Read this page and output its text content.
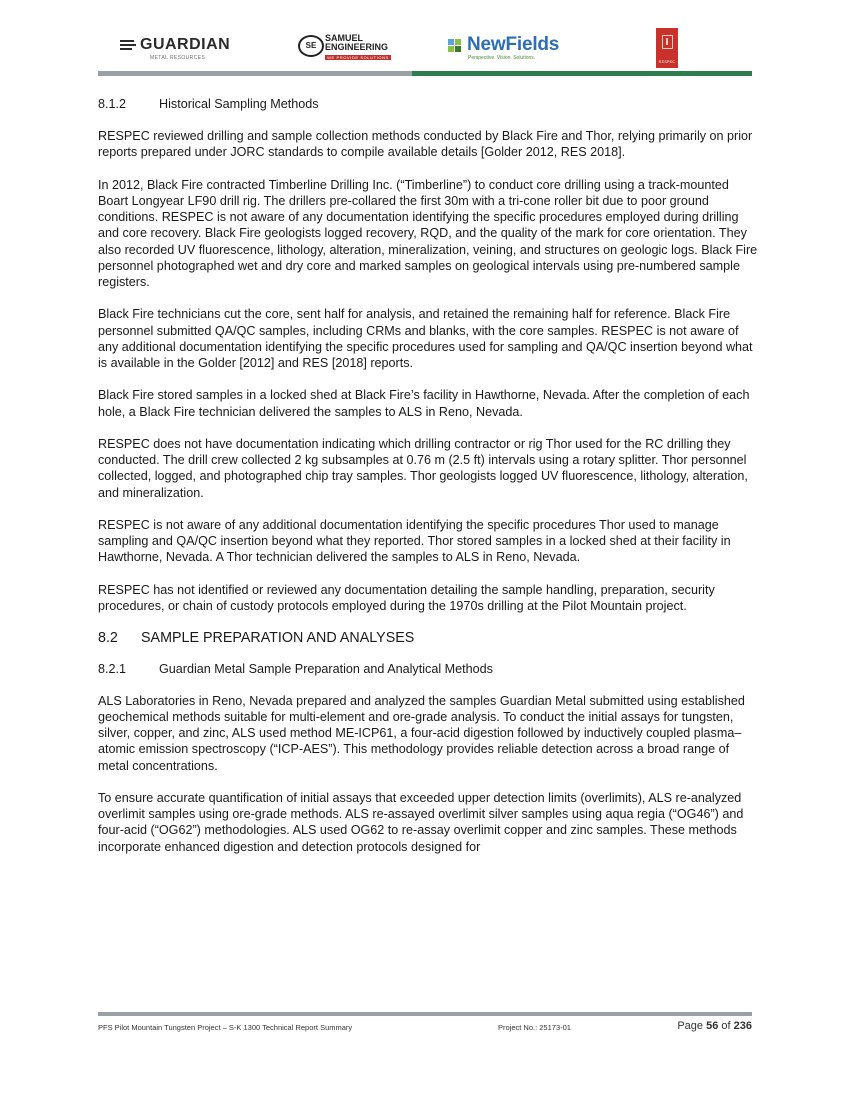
GUARDIAN
METAL RESOURCES
SE
SAMUEL
ENGINEERING
WE PROVIDE SOLUTIONS
NewFields
Perspective. Vision. Solutions.
RESPEC
8.1.2	Historical Sampling Methods

RESPEC reviewed drilling and sample collection methods conducted by Black Fire and Thor, relying primarily on prior reports prepared under JORC standards to compile available details [Golder 2012, RES 2018].

In 2012, Black Fire contracted Timberline Drilling Inc. (“Timberline”) to conduct core drilling using a track-mounted Boart Longyear LF90 drill rig. The drillers pre-collared the first 30m with a tri-cone roller bit due to poor ground conditions. RESPEC is not aware of any documentation identifying the specific procedures employed during drilling and core recovery. Black Fire geologists logged recovery, RQD, and the quality of the mark for core orientation. They also recorded UV fluorescence, lithology, alteration, mineralization, veining, and structures on geologic logs. Black Fire personnel photographed wet and dry core and marked samples on geological intervals using pre-numbered sample registers.

Black Fire technicians cut the core, sent half for analysis, and retained the remaining half for reference. Black Fire personnel submitted QA/QC samples, including CRMs and blanks, with the core samples. RESPEC is not aware of any additional documentation identifying the specific procedures used for sampling and QA/QC insertion beyond what is available in the Golder [2012] and RES [2018] reports.

Black Fire stored samples in a locked shed at Black Fire’s facility in Hawthorne, Nevada. After the completion of each hole, a Black Fire technician delivered the samples to ALS in Reno, Nevada.

RESPEC does not have documentation indicating which drilling contractor or rig Thor used for the RC drilling they conducted. The drill crew collected 2 kg subsamples at 0.76 m (2.5 ft) intervals using a rotary splitter. Thor personnel collected, logged, and photographed chip tray samples. Thor geologists logged UV fluorescence, lithology, alteration, and mineralization.

RESPEC is not aware of any additional documentation identifying the specific procedures Thor used to manage sampling and QA/QC insertion beyond what they reported. Thor stored samples in a locked shed at their facility in Hawthorne, Nevada. A Thor technician delivered the samples to ALS in Reno, Nevada.

RESPEC has not identified or reviewed any documentation detailing the sample handling, preparation, security procedures, or chain of custody protocols employed during the 1970s drilling at the Pilot Mountain project.

8.2 SAMPLE PREPARATION AND ANALYSES
8.2.1	Guardian Metal Sample Preparation and Analytical Methods

ALS Laboratories in Reno, Nevada prepared and analyzed the samples Guardian Metal submitted using established geochemical methods suitable for multi-element and ore-grade analysis. To conduct the initial assays for tungsten, silver, copper, and zinc, ALS used method ME-ICP61, a four-acid digestion followed by inductively coupled plasma–atomic emission spectroscopy (“ICP-AES”). This methodology provides reliable detection across a broad range of metal concentrations.

To ensure accurate quantification of initial assays that exceeded upper detection limits (overlimits), ALS re-analyzed overlimit samples using ore-grade methods. ALS re-assayed overlimit silver samples using aqua regia (“OG46”) and four-acid (“OG62”) methodologies. ALS used OG62 to re-assay overlimit copper and zinc samples. These methods incorporate enhanced digestion and detection protocols designed for

PFS Pilot Mountain Tungsten Project – S-K 1300 Technical Report Summary	Project No.: 25173-01	Page 56 of 236
